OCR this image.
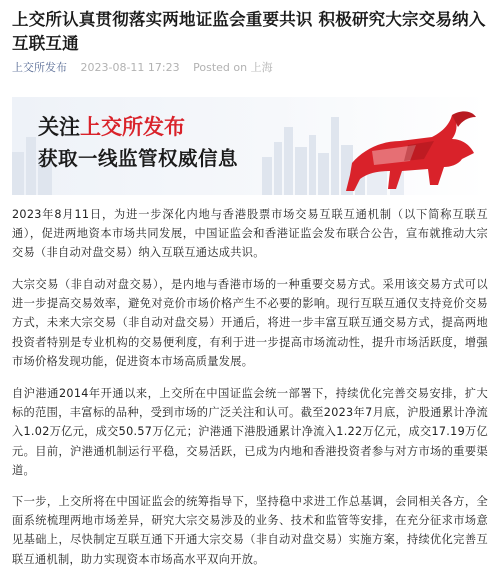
上交所认真贯彻落实两地证监会重要共识 积极研究大宗交易纳入互联互通
上交所发布 2023-08-11 17:23 Posted on 上海
关注上交所发布
获取一线监管权威信息
2023年8月11日，为进一步深化内地与香港股票市场交易互联互通机制（以下简称互联互通），促进两地资本市场共同发展，中国证监会和香港证监会发布联合公告，宣布就推动大宗交易（非自动对盘交易）纳入互联互通达成共识。
大宗交易（非自动对盘交易），是内地与香港市场的一种重要交易方式。采用该交易方式可以进一步提高交易效率，避免对竞价市场价格产生不必要的影响。现行互联互通仅支持竞价交易方式，未来大宗交易（非自动对盘交易）开通后，将进一步丰富互联互通交易方式，提高两地投资者特别是专业机构的交易便利度，有利于进一步提高市场流动性，提升市场活跃度，增强市场价格发现功能，促进资本市场高质量发展。
自沪港通2014年开通以来，上交所在中国证监会统一部署下，持续优化完善交易安排，扩大标的范围，丰富标的品种，受到市场的广泛关注和认可。截至2023年7月底，沪股通累计净流入1.02万亿元，成交50.57万亿元；沪港通下港股通累计净流入1.22万亿元，成交17.19万亿元。目前，沪港通机制运行平稳，交易活跃，已成为内地和香港投资者参与对方市场的重要渠道。
下一步，上交所将在中国证监会的统筹指导下，坚持稳中求进工作总基调，会同相关各方，全面系统梳理两地市场差异，研究大宗交易涉及的业务、技术和监管等安排，在充分征求市场意见基础上，尽快制定互联互通下开通大宗交易（非自动对盘交易）实施方案，持续优化完善互联互通机制，助力实现资本市场高水平双向开放。
